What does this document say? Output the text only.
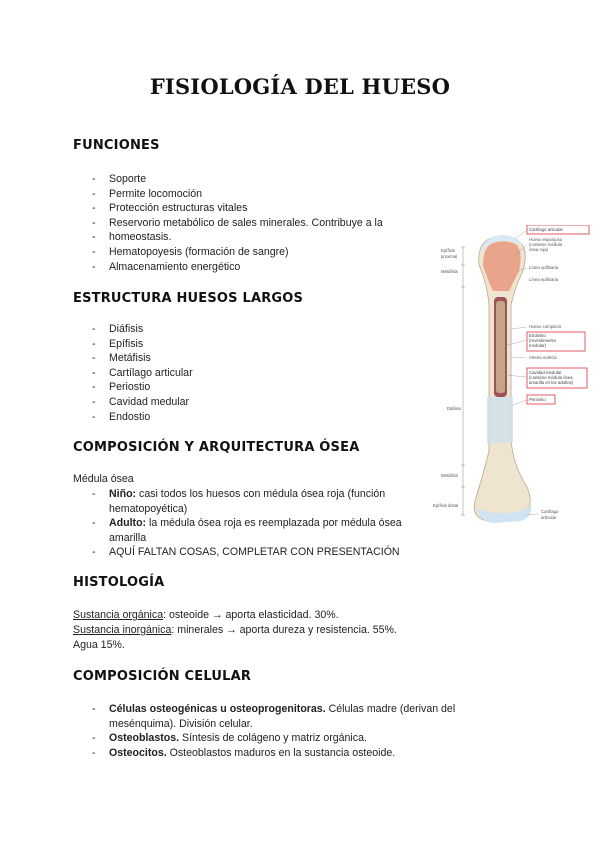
FISIOLOGÍA DEL HUESO
FUNCIONES
- Soporte
- Permite locomoción
- Protección estructuras vitales
- Reservorio metabólico de sales minerales. Contribuye a la
- homeostasis.
- Hematopoyesis (formación de sangre)
- Almacenamiento energético
ESTRUCTURA HUESOS LARGOS
- Diáfisis
- Epífisis
- Metáfisis
- Cartílago articular
- Periostio
- Cavidad medular
- Endostio
COMPOSICIÓN Y ARQUITECTURA ÓSEA
Médula ósea
- Niño: casi todos los huesos con médula ósea roja (función
hematopoyética)
- Adulto: la médula ósea roja es reemplazada por médula ósea
amarilla
- AQUÍ FALTAN COSAS, COMPLETAR CON PRESENTACIÓN
HISTOLOGÍA
Sustancia orgánica: osteoide → aporta elasticidad. 30%.
Sustancia inorgánica: minerales → aporta dureza y resistencia. 55%.
Agua 15%.
COMPOSICIÓN CELULAR
- Células osteogénicas u osteoprogenitoras. Células madre (derivan del
mesénquima). División celular.
- Osteoblastos. Síntesis de colágeno y matriz orgánica.
- Osteocitos. Osteoblastos maduros en la sustancia osteoide.
Epífisis
proximal
Metáfisis
Diáfisis
Metáfisis
Epífisis distal
Cartílago articular
Hueso esponjoso
(contiene médula
ósea roja)
Línea epifisaria
Línea epifisaria
Hueso compacto
Endostio
(revestimiento
medular)
Arteria nutricia
Cavidad medular
(contiene médula ósea
amarilla en los adultos)
Periostio
Cartílago
articular
